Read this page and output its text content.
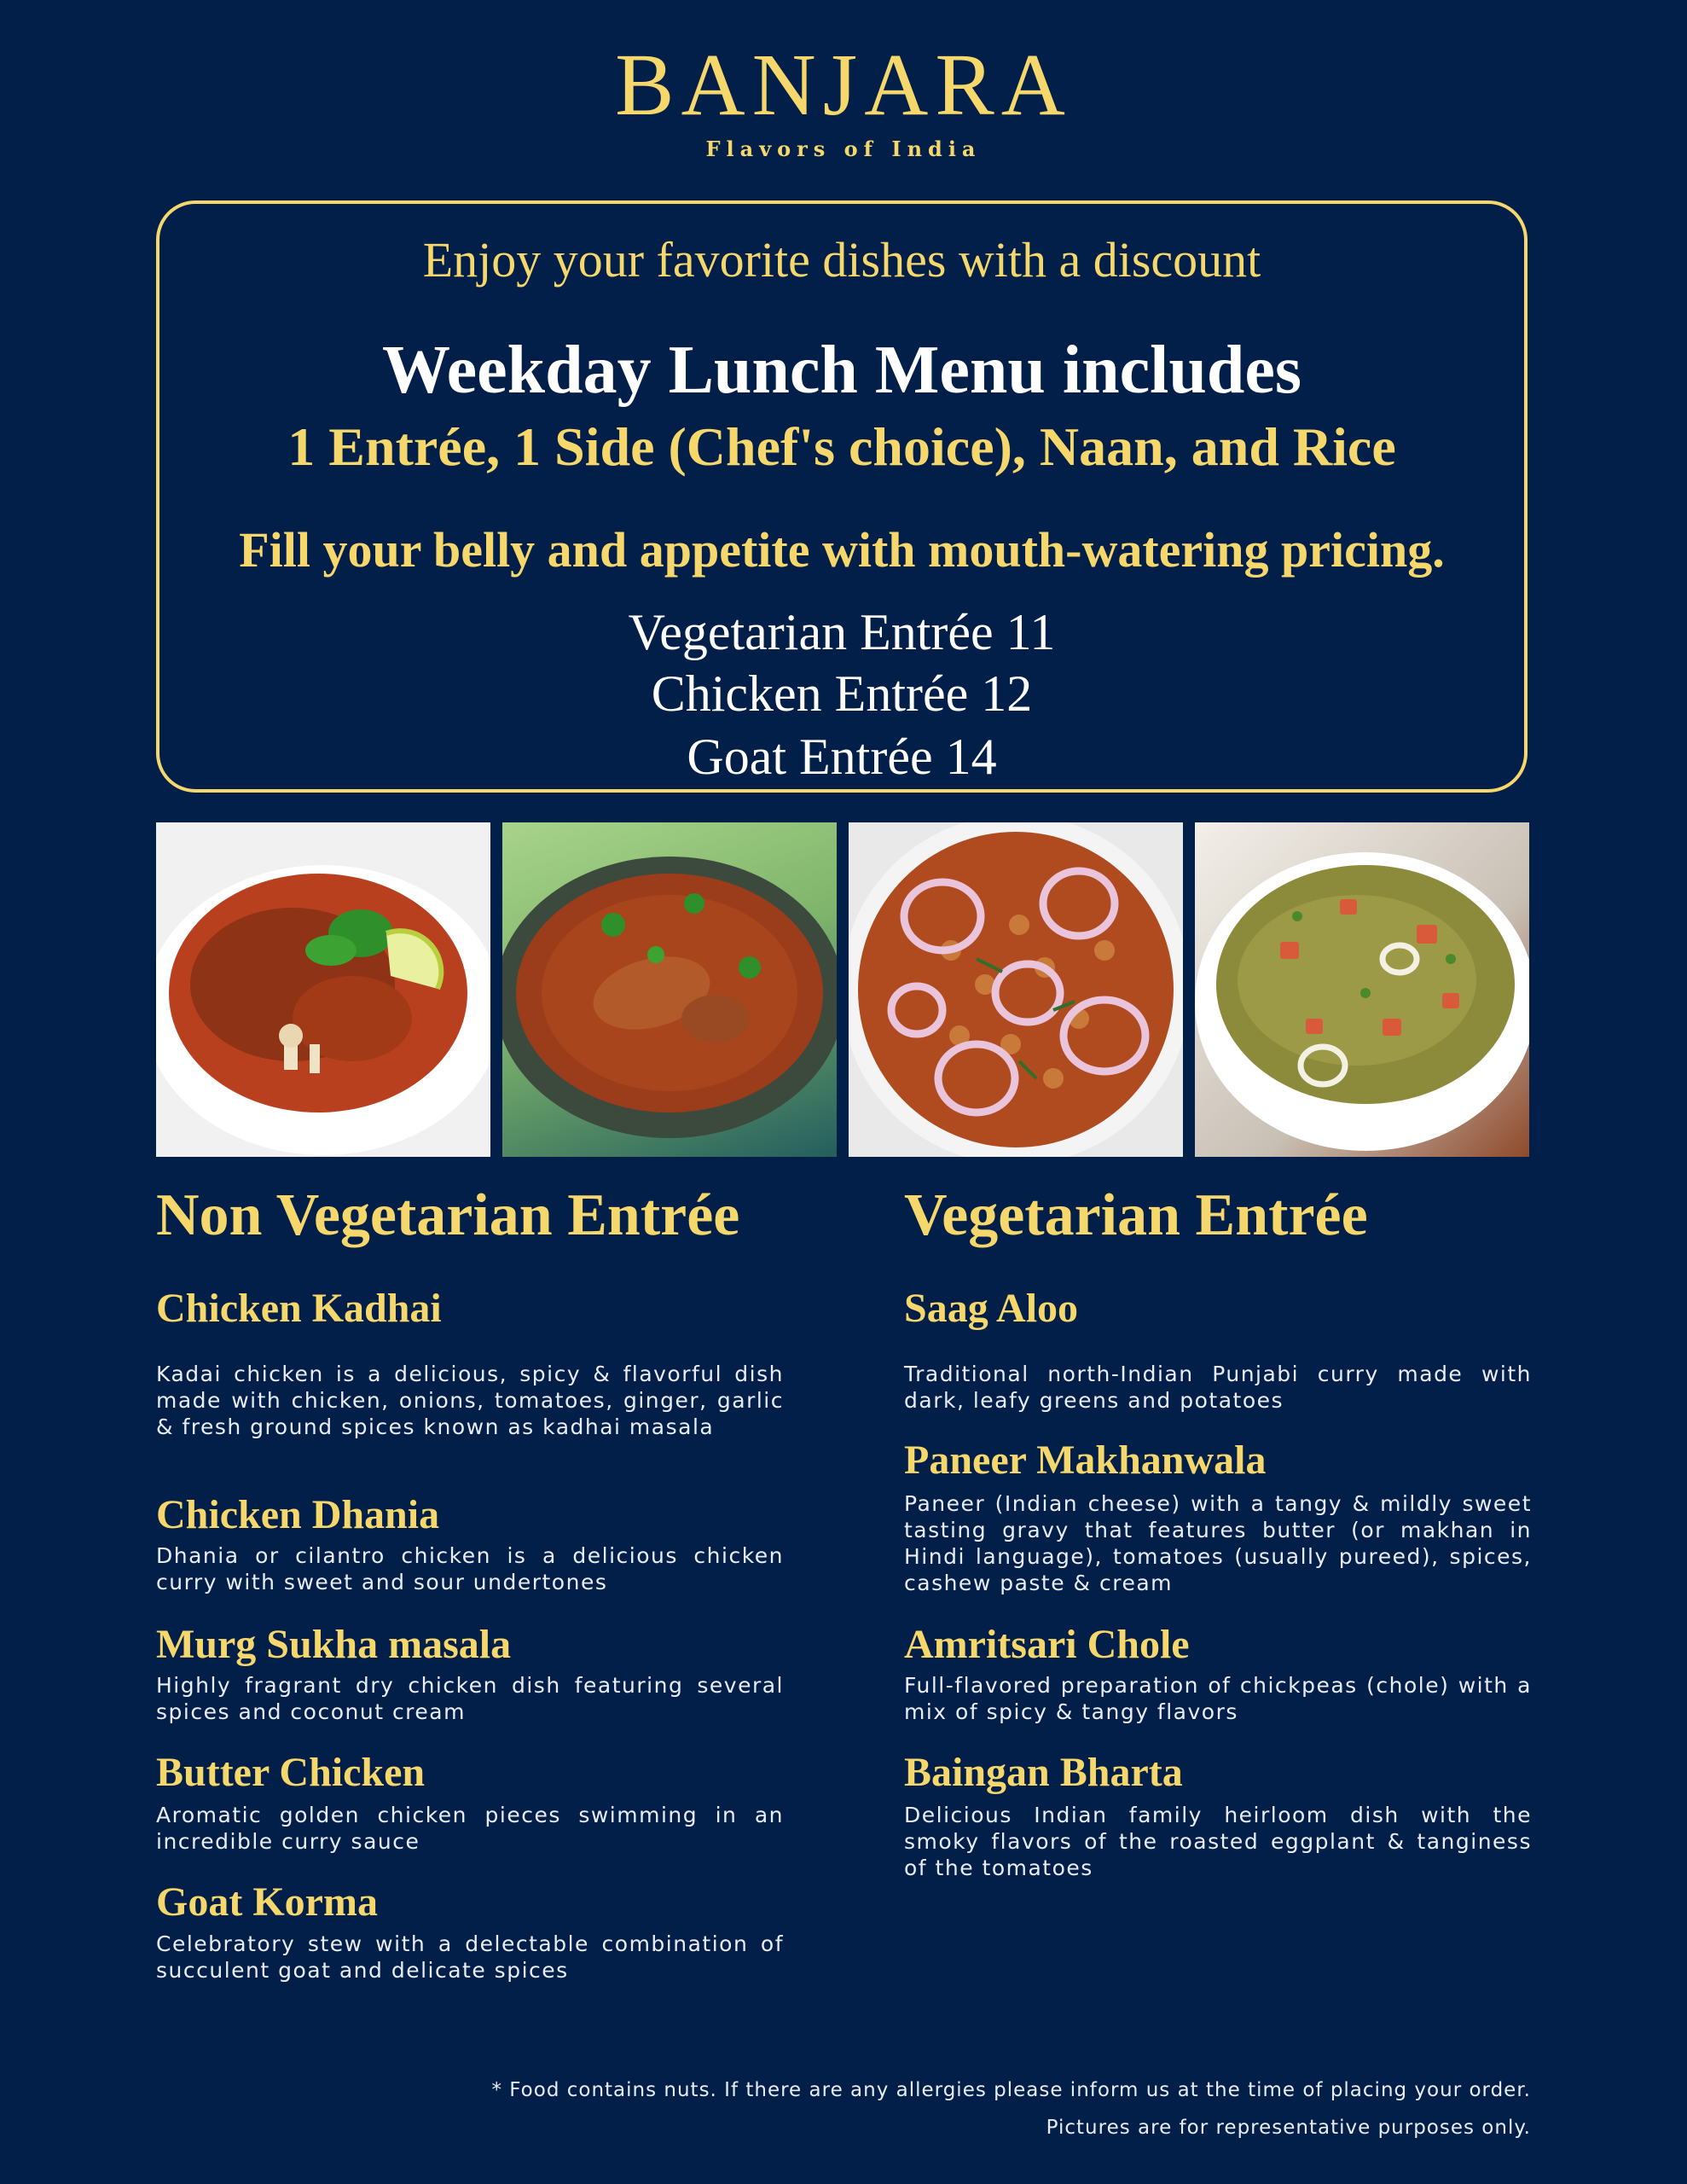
BANJARA
Flavors of India
Enjoy your favorite dishes with a discount
Weekday Lunch Menu includes
1 Entrée, 1 Side (Chef's choice), Naan, and Rice
Fill your belly and appetite with mouth-watering pricing.
Vegetarian Entrée 11
Chicken Entrée 12
Goat Entrée 14
Non Vegetarian Entrée
Chicken Kadhai
Kadai chicken is a delicious, spicy & flavorful dish made with chicken, onions, tomatoes, ginger, garlic & fresh ground spices known as kadhai masala
Chicken Dhania
Dhania or cilantro chicken is a delicious chicken curry with sweet and sour undertones
Murg Sukha masala
Highly fragrant dry chicken dish featuring several spices and coconut cream
Butter Chicken
Aromatic golden chicken pieces swimming in an incredible curry sauce
Goat Korma
Celebratory stew with a delectable combination of succulent goat and delicate spices
Vegetarian Entrée
Saag Aloo
Traditional north-Indian Punjabi curry made with dark, leafy greens and potatoes
Paneer Makhanwala
Paneer (Indian cheese) with a tangy & mildly sweet tasting gravy that features butter (or makhan in Hindi language), tomatoes (usually pureed), spices, cashew paste & cream
Amritsari Chole
Full-flavored preparation of chickpeas (chole) with a mix of spicy & tangy flavors
Baingan Bharta
Delicious Indian family heirloom dish with the smoky flavors of the roasted eggplant & tanginess of the tomatoes
* Food contains nuts. If there are any allergies please inform us at the time of placing your order.
Pictures are for representative purposes only.
